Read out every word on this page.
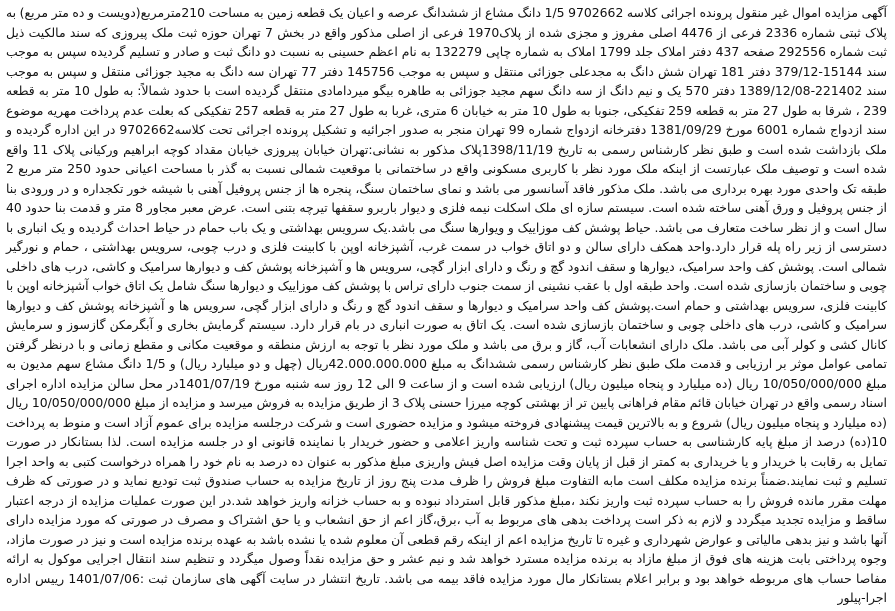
آگهی مزایده اموال غیر منقول پرونده اجرائی کلاسه 9702662 1/5 دانگ مشاع از ششدانگ عرصه و اعیان یک قطعه زمین به مساحت 210مترمربع(دویست و ده متر مربع) به پلاک ثبتی شماره 2336 فرعی از 4476 اصلی مفروز و مجزی شده از پلاک1970 فرعی از اصلی مذکور واقع در بخش 7 تهران حوزه ثبت ملک پیروزی که سند مالکیت ذیل ثبت شماره 292556 صفحه 437 دفتر املاک جلد 1799 املاک به شماره چاپی 132279 به نام اعظم حسینی به نسبت دو دانگ ثبت و صادر و تسلیم گردیده سپس به موجب سند 15144-379/12 دفتر 181 تهران شش دانگ به مجدعلی جوزائی منتقل و سپس به موجب 145756 دفتر 77 تهران سه دانگ به مجید جوزائی منتقل و سپس به موجب سند 221402-1389/12/08 دفتر 570 یک و نیم دانگ از سه دانگ سهم مجید جوزائی به طاهره بیگو میرداماد‌ی منتقل گردیده است با حدود شمالاً: به طول 10 متر به قطعه 239 ، شرقا به طول 27 متر به قطعه 259 تفکیکی، جنوبا به طول 10 متر به خیابان 6 متری، غربا به طول 27 متر به قطعه 257 تفکیکی که بعلت عدم پرداخت مهریه موضوع سند ازدواج شماره 6001 مورخ 1381/09/29 دفترخانه ازدواج شماره 99 تهران منجر به صدور اجرائیه و تشکیل پرونده اجرائی تحت کلاسه9702662 در این اداره گردیده و ملک بازداشت شده است و طبق نظر کارشناس رسمی به تاریخ 1398/11/19پلاک مذکور به نشانی:تهران خیابان پیروزی خیابان مقداد کوچه ابراهیم ورکیانی پلاک 11 واقع شده است و توصیف ملک عبارتست از اینکه ملک مورد نظر با کاربری مسکونی واقع در ساختمانی با موقعیت شمالی نسبت به گذر با مساحت اعیانی حدود 250 متر مربع 2 طبقه تک واحدی مورد بهره برداری می باشد. ملک مذکور فاقد آسانسور می باشد و نمای ساختمان سنگ، پنجره ها از جنس پروفیل آهنی با شیشه خور تکجداره و در ورودی بنا از جنس پروفیل و ورق آهنی ساخته شده است. سیستم سازه ای ملک اسکلت نیمه فلزی و دیوار باربرو سقفها تیرچه بتنی است. عرض معبر مجاور 8 متر و قدمت بنا حدود 40 سال است و از نظر ساخت متعارف می باشد. حیاط پوشش کف موزاییک و ویوارها سنگ می باشد.یک سرویس بهداشتی و یک باب حمام در حیاط احداث گردیده و یک انباری با دسترسی از زیر راه پله قرار دارد.واحد همکف دارای سالن و دو اتاق خواب در سمت غرب، آشپزخانه اوپن با کابینت فلزی و درب چوبی، سرویس بهداشتی ، حمام و نورگیر شمالی است. پوشش کف واحد سرامیک، دیوارها و سقف اندود گچ و رنگ و دارای ابزار گچی، سرویس ها و آشپزخانه پوشش کف و دیوارها سرامیک و کاشی، درب های داخلی چوبی و ساختمان بازسازی شده است. واحد طبقه اول با عقب نشینی از سمت جنوب دارای تراس با پوشش کف موزاییک و دیوارها سنگ شامل یک اتاق خواب آشپزخانه اوپن با کابینت فلزی، سرویس بهداشتی و حمام است.پوشش کف واحد سرامیک و دیوارها و سقف اندود گچ و رنگ و دارای ابزار گچی، سرویس ها و آشپزخانه پوشش کف و دیوارها سرامیک و کاشی، درب های داخلی چوبی و ساختمان بازسازی شده است. یک اتاق به صورت انباری در بام قرار دارد. سیستم گرمایش بخاری و آبگرمکن گازسوز و سرمایش کانال کشی و کولر آبی می باشد. ملک دارای انشعابات آب، گاز و برق می باشد و ملک مورد نظر با توجه به ارزش منطقه و موقعیت مکانی و مقطع زمانی و با درنظر گرفتن تمامی عوامل موثر بر ارزیابی و قدمت ملک طبق نظر کارشناس رسمی ششدانگ به مبلغ 42.000.000.000ریال (چهل و دو میلیارد ریال) و 1/5 دانگ مشاع سهم مدیون به مبلغ 10/050/000/000 ریال (ده میلیارد و پنجاه میلیون ریال) ارزیابی شده است و از ساعت 9 الی 12 روز سه شنبه مورخ 1401/07/19در محل سالن مزایده اداره اجرای اسناد رسمی واقع در تهران خیابان قائم مقام فراهانی پایین تر از بهشتی کوچه میرزا حسنی پلاک 3 از طریق مزایده به فروش میرسد و مزایده از مبلغ 10/050/000/000 ریال (ده میلیارد و پنجاه میلیون ریال) شروع و به بالاترین قیمت پیشنهادی فروخته میشود و مزایده حضوری است و شرکت درجلسه مزایده برای عموم آزاد است و منوط به پرداخت 10(ده) درصد از مبلغ پایه کارشناسی به حساب سپرده ثبت و تحت شناسه واریز اعلامی و حضور خریدار با نماینده قانونی او در جلسه مزایده است. لذا بستانکار در صورت تمایل به رقابت با خریدار و یا خریداری به کمتر از قبل از پایان وقت مزایده اصل فیش واریزی مبلغ مذکور به عنوان ده درصد به نام خود را همراه درخواست کتبی به واحد اجرا تسلیم و ثبت نمایند.ضمناً برنده مزایده مکلف است مابه التفاوت مبلغ فروش را ظرف مدت پنج روز از تاریخ مزایده به حساب صندوق ثبت تودیع نماید و در صورتی که ظرف مهلت مقرر مانده فروش را به حساب سپرده ثبت واریز نکند ،مبلغ مذکور قابل استرداد نبوده و به حساب خزانه واریز خواهد شد.در این صورت عملیات مزایده از درجه اعتبار ساقط و مزایده تجدید میگردد و لازم به ذکر است پرداخت بدهی های مربوط به آب ،برق،گاز اعم از حق انشعاب و یا حق اشتراک و مصرف در صورتی که مورد مزایده دارای آنها باشد و نیز بدهی مالیاتی و عوارض شهرداری و غیره تا تاریخ مزایده اعم از اینکه رقم قطعی آن معلوم شده یا نشده باشد به عهده برنده مزایده است و نیز در صورت مازاد، وجوه پرداختی بابت هزینه های فوق از مبلغ مازاد به برنده مزایده مسترد خواهد شد و نیم عشر و حق مزایده نقداً وصول میگردد و تنظیم سند انتقال اجرایی موکول به ارائه مفاصا حساب های مربوطه خواهد بود و برابر اعلام بستانکار مال مورد مزایده فاقد بیمه می باشد. تاریخ انتشار در سایت آگهی های سازمان ثبت :1401/07/06 رییس اداره اجرا-پیلور
